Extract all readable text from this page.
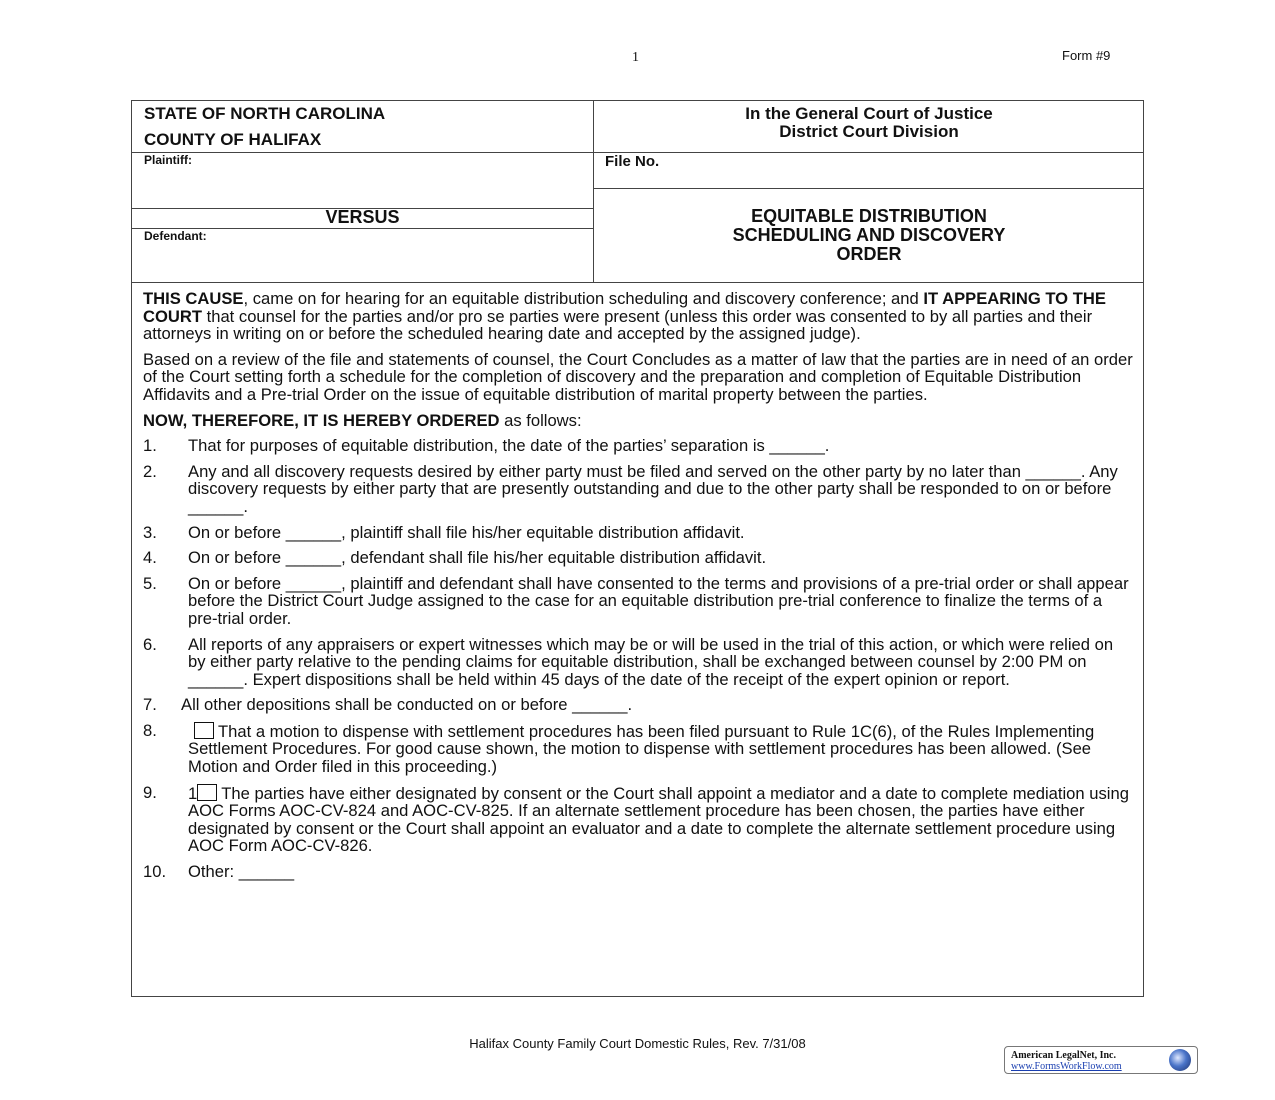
1	Form #9
STATE OF NORTH CAROLINA
COUNTY OF HALIFAX
In the General Court of Justice
District Court Division
Plaintiff:	File No.
VERSUS
Defendant:
EQUITABLE DISTRIBUTION
SCHEDULING AND DISCOVERY
ORDER

THIS CAUSE, came on for hearing for an equitable distribution scheduling and discovery conference; and IT APPEARING TO THE COURT that counsel for the parties and/or pro se parties were present (unless this order was consented to by all parties and their attorneys in writing on or before the scheduled hearing date and accepted by the assigned judge).

Based on a review of the file and statements of counsel, the Court Concludes as a matter of law that the parties are in need of an order of the Court setting forth a schedule for the completion of discovery and the preparation and completion of Equitable Distribution Affidavits and a Pre-trial Order on the issue of equitable distribution of marital property between the parties.

NOW, THEREFORE, IT IS HEREBY ORDERED as follows:

1.	That for purposes of equitable distribution, the date of the parties’ separation is ______.
2.	Any and all discovery requests desired by either party must be filed and served on the other party by no later than ______. Any discovery requests by either party that are presently outstanding and due to the other party shall be responded to on or before ______.
3.	On or before ______, plaintiff shall file his/her equitable distribution affidavit.
4.	On or before ______, defendant shall file his/her equitable distribution affidavit.
5.	On or before ______, plaintiff and defendant shall have consented to the terms and provisions of a pre-trial order or shall appear before the District Court Judge assigned to the case for an equitable distribution pre-trial conference to finalize the terms of a pre-trial order.
6.	All reports of any appraisers or expert witnesses which may be or will be used in the trial of this action, or which were relied on by either party relative to the pending claims for equitable distribution, shall be exchanged between counsel by 2:00 PM on ______. Expert dispositions shall be held within 45 days of the date of the receipt of the expert opinion or report.
7.	All other depositions shall be conducted on or before ______.
8.	That a motion to dispense with settlement procedures has been filed pursuant to Rule 1C(6), of the Rules Implementing Settlement Procedures. For good cause shown, the motion to dispense with settlement procedures has been allowed. (See Motion and Order filed in this proceeding.)
9.	1 The parties have either designated by consent or the Court shall appoint a mediator and a date to complete mediation using AOC Forms AOC-CV-824 and AOC-CV-825. If an alternate settlement procedure has been chosen, the parties have either designated by consent or the Court shall appoint an evaluator and a date to complete the alternate settlement procedure using AOC Form AOC-CV-826.
10.	Other: ______
Halifax County Family Court Domestic Rules, Rev. 7/31/08
American LegalNet, Inc.
www.FormsWorkFlow.com
